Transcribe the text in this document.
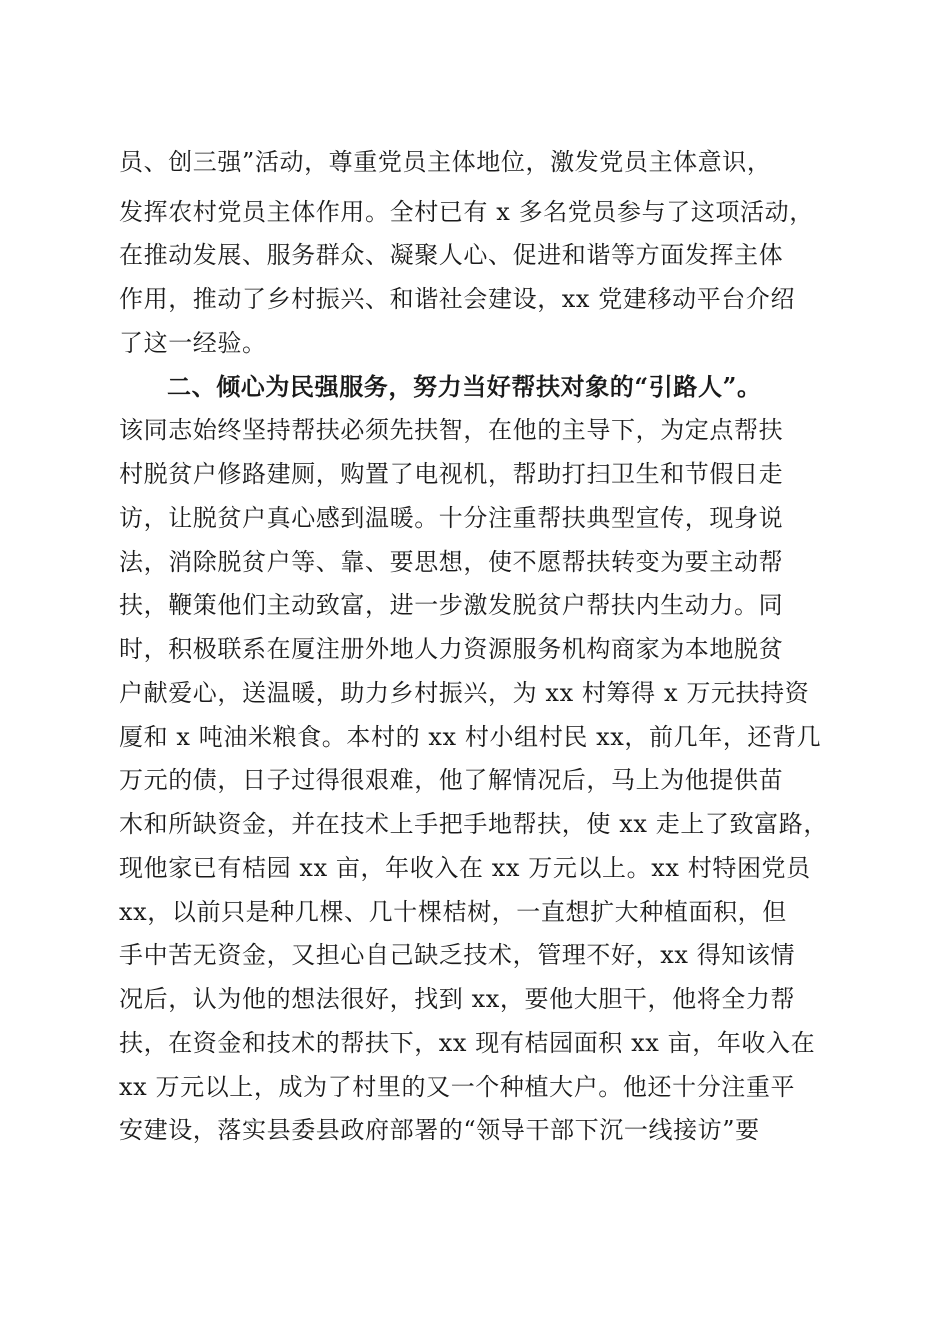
员、创三强”活动，尊重党员主体地位，激发党员主体意识，
发挥农村党员主体作用。全村已有 x 多名党员参与了这项活动，
在推动发展、服务群众、凝聚人心、促进和谐等方面发挥主体
作用，推动了乡村振兴、和谐社会建设，xx 党建移动平台介绍
了这一经验。
二、倾心为民强服务，努力当好帮扶对象的“引路人”。
该同志始终坚持帮扶必须先扶智，在他的主导下，为定点帮扶
村脱贫户修路建厕，购置了电视机，帮助打扫卫生和节假日走
访，让脱贫户真心感到温暖。十分注重帮扶典型宣传，现身说
法，消除脱贫户等、靠、要思想，使不愿帮扶转变为要主动帮
扶，鞭策他们主动致富，进一步激发脱贫户帮扶内生动力。同
时，积极联系在厦注册外地人力资源服务机构商家为本地脱贫
户献爱心，送温暖，助力乡村振兴，为 xx 村筹得 x 万元扶持资
厦和 x 吨油米粮食。本村的 xx 村小组村民 xx，前几年，还背几
万元的债，日子过得很艰难，他了解情况后，马上为他提供苗
木和所缺资金，并在技术上手把手地帮扶，使 xx 走上了致富路，
现他家已有桔园 xx 亩，年收入在 xx 万元以上。xx 村特困党员
xx，以前只是种几棵、几十棵桔树，一直想扩大种植面积，但
手中苦无资金，又担心自己缺乏技术，管理不好，xx 得知该情
况后，认为他的想法很好，找到 xx，要他大胆干，他将全力帮
扶，在资金和技术的帮扶下，xx 现有桔园面积 xx 亩，年收入在
xx 万元以上，成为了村里的又一个种植大户。他还十分注重平
安建设，落实县委县政府部署的“领导干部下沉一线接访”要
